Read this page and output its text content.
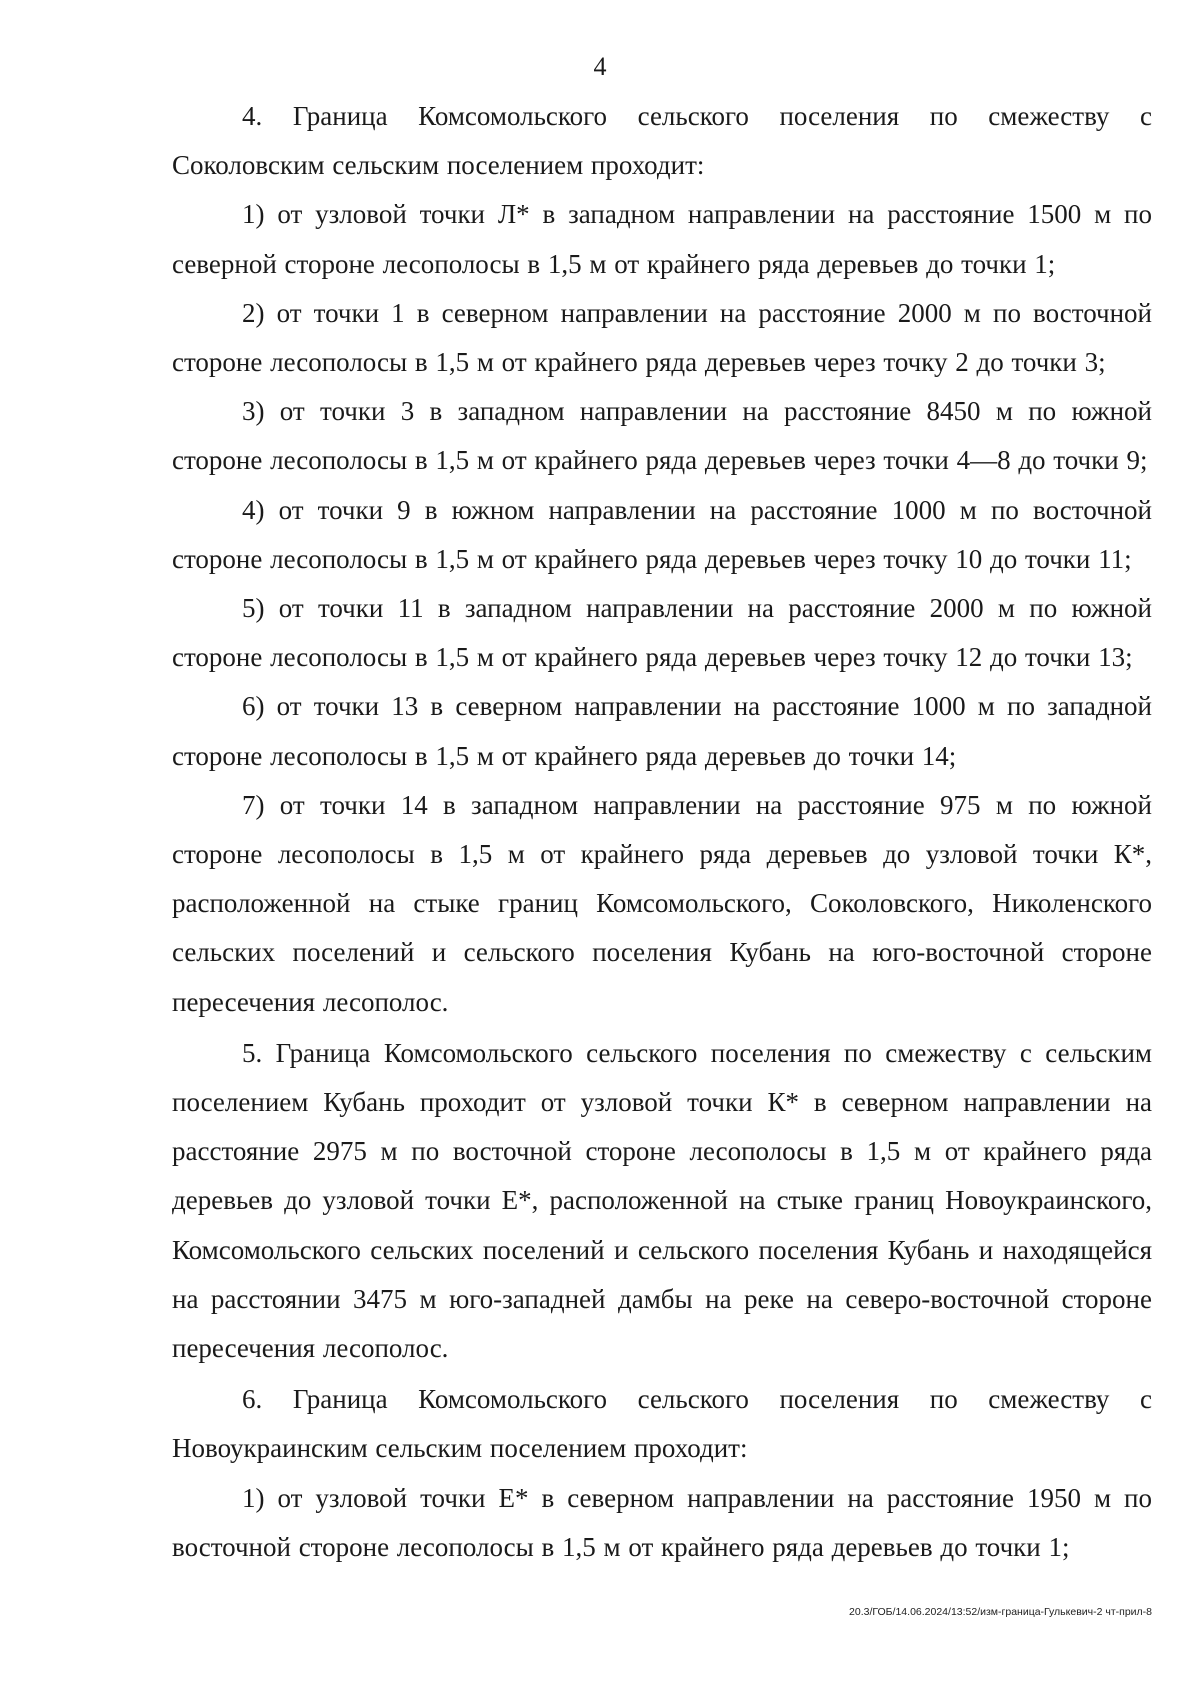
4

4. Граница Комсомольского сельского поселения по смежеству с Соколовским сельским поселением проходит:

1) от узловой точки Л* в западном направлении на расстояние 1500 м по северной стороне лесополосы в 1,5 м от крайнего ряда деревьев до точки 1;

2) от точки 1 в северном направлении на расстояние 2000 м по восточной стороне лесополосы в 1,5 м от крайнего ряда деревьев через точку 2 до точки 3;

3) от точки 3 в западном направлении на расстояние 8450 м по южной стороне лесополосы в 1,5 м от крайнего ряда деревьев через точки 4—8 до точки 9;

4) от точки 9 в южном направлении на расстояние 1000 м по восточной стороне лесополосы в 1,5 м от крайнего ряда деревьев через точку 10 до точки 11;

5) от точки 11 в западном направлении на расстояние 2000 м по южной стороне лесополосы в 1,5 м от крайнего ряда деревьев через точку 12 до точки 13;

6) от точки 13 в северном направлении на расстояние 1000 м по западной стороне лесополосы в 1,5 м от крайнего ряда деревьев до точки 14;

7) от точки 14 в западном направлении на расстояние 975 м по южной стороне лесополосы в 1,5 м от крайнего ряда деревьев до узловой точки К*, расположенной на стыке границ Комсомольского, Соколовского, Николенского сельских поселений и сельского поселения Кубань на юго-восточной стороне пересечения лесополос.

5. Граница Комсомольского сельского поселения по смежеству с сельским поселением Кубань проходит от узловой точки К* в северном направлении на расстояние 2975 м по восточной стороне лесополосы в 1,5 м от крайнего ряда деревьев до узловой точки Е*, расположенной на стыке границ Новоукраинского, Комсомольского сельских поселений и сельского поселения Кубань и находящейся на расстоянии 3475 м юго-западней дамбы на реке на северо-восточной стороне пересечения лесополос.

6. Граница Комсомольского сельского поселения по смежеству с Новоукраинским сельским поселением проходит:

1) от узловой точки Е* в северном направлении на расстояние 1950 м по восточной стороне лесополосы в 1,5 м от крайнего ряда деревьев до точки 1;

20.3/ГОБ/14.06.2024/13:52/изм-граница-Гулькевич-2 чт-прил-8
